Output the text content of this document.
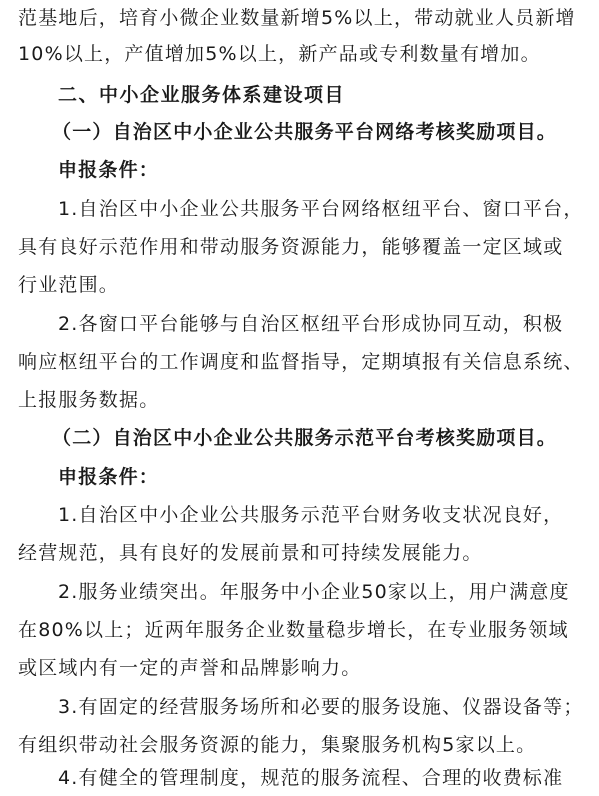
范基地后，培育小微企业数量新增5%以上，带动就业人员新增
10%以上，产值增加5%以上，新产品或专利数量有增加。
二、中小企业服务体系建设项目
（一）自治区中小企业公共服务平台网络考核奖励项目。
申报条件：
1.自治区中小企业公共服务平台网络枢纽平台、窗口平台，
具有良好示范作用和带动服务资源能力，能够覆盖一定区域或
行业范围。
2.各窗口平台能够与自治区枢纽平台形成协同互动，积极
响应枢纽平台的工作调度和监督指导，定期填报有关信息系统、
上报服务数据。
（二）自治区中小企业公共服务示范平台考核奖励项目。
申报条件：
1.自治区中小企业公共服务示范平台财务收支状况良好，
经营规范，具有良好的发展前景和可持续发展能力。
2.服务业绩突出。年服务中小企业50家以上，用户满意度
在80%以上；近两年服务企业数量稳步增长，在专业服务领域
或区域内有一定的声誉和品牌影响力。
3.有固定的经营服务场所和必要的服务设施、仪器设备等；
有组织带动社会服务资源的能力，集聚服务机构5家以上。
4.有健全的管理制度，规范的服务流程、合理的收费标准
